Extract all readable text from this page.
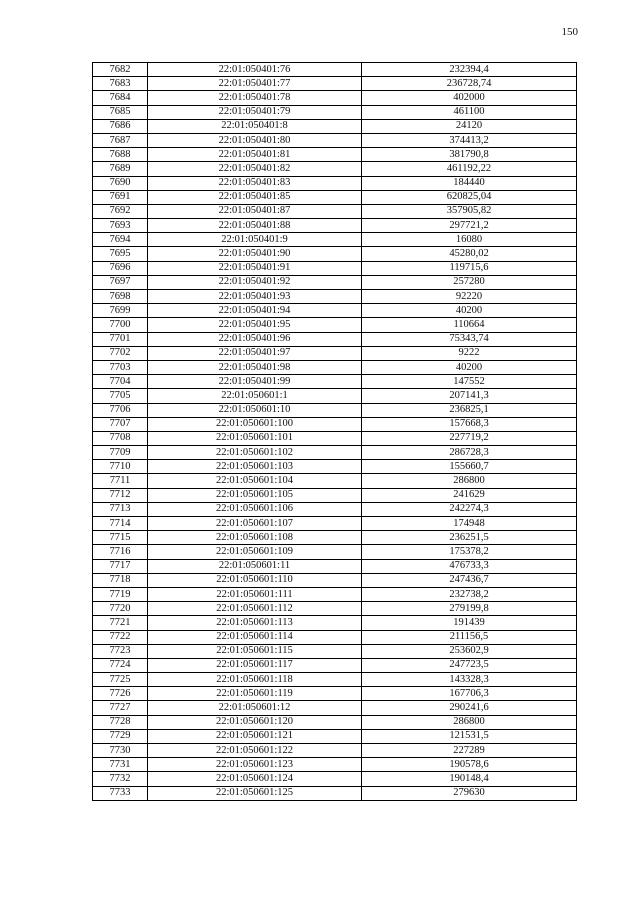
150
7682	22:01:050401:76	232394,4
7683	22:01:050401:77	236728,74
7684	22:01:050401:78	402000
7685	22:01:050401:79	461100
7686	22:01:050401:8	24120
7687	22:01:050401:80	374413,2
7688	22:01:050401:81	381790,8
7689	22:01:050401:82	461192,22
7690	22:01:050401:83	184440
7691	22:01:050401:85	620825,04
7692	22:01:050401:87	357905,82
7693	22:01:050401:88	297721,2
7694	22:01:050401:9	16080
7695	22:01:050401:90	45280,02
7696	22:01:050401:91	119715,6
7697	22:01:050401:92	257280
7698	22:01:050401:93	92220
7699	22:01:050401:94	40200
7700	22:01:050401:95	110664
7701	22:01:050401:96	75343,74
7702	22:01:050401:97	9222
7703	22:01:050401:98	40200
7704	22:01:050401:99	147552
7705	22:01:050601:1	207141,3
7706	22:01:050601:10	236825,1
7707	22:01:050601:100	157668,3
7708	22:01:050601:101	227719,2
7709	22:01:050601:102	286728,3
7710	22:01:050601:103	155660,7
7711	22:01:050601:104	286800
7712	22:01:050601:105	241629
7713	22:01:050601:106	242274,3
7714	22:01:050601:107	174948
7715	22:01:050601:108	236251,5
7716	22:01:050601:109	175378,2
7717	22:01:050601:11	476733,3
7718	22:01:050601:110	247436,7
7719	22:01:050601:111	232738,2
7720	22:01:050601:112	279199,8
7721	22:01:050601:113	191439
7722	22:01:050601:114	211156,5
7723	22:01:050601:115	253602,9
7724	22:01:050601:117	247723,5
7725	22:01:050601:118	143328,3
7726	22:01:050601:119	167706,3
7727	22:01:050601:12	290241,6
7728	22:01:050601:120	286800
7729	22:01:050601:121	121531,5
7730	22:01:050601:122	227289
7731	22:01:050601:123	190578,6
7732	22:01:050601:124	190148,4
7733	22:01:050601:125	279630
